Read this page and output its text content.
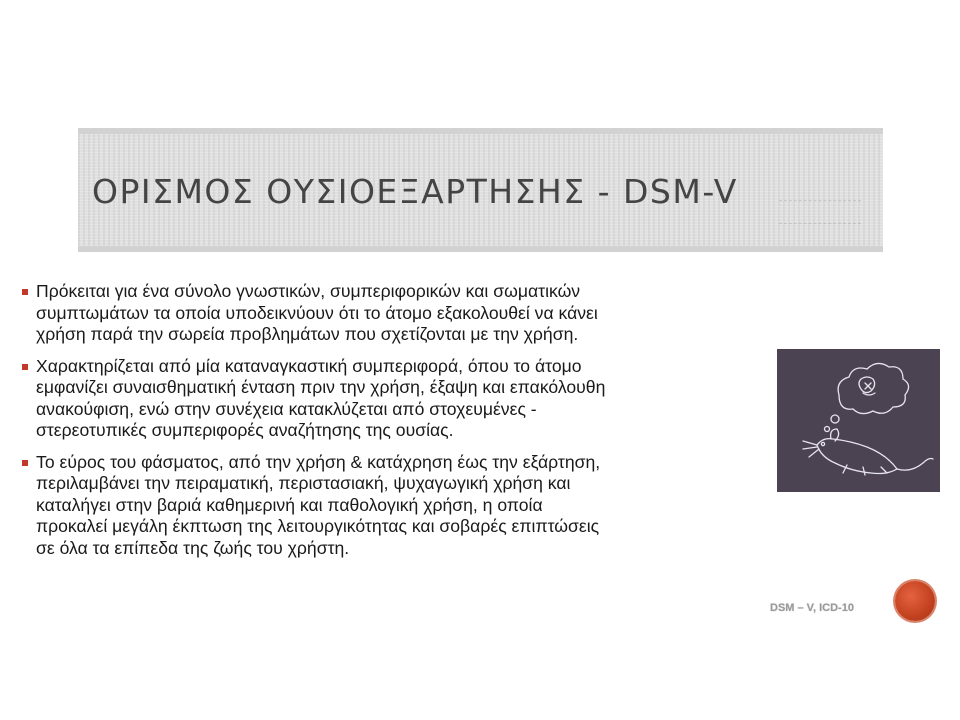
ΟΡΙΣΜΟΣ ΟΥΣΙΟΕΞΑΡΤΗΣΗΣ - DSM-V
Πρόκειται για ένα σύνολο γνωστικών, συμπεριφορικών και σωματικών
συμπτωμάτων τα οποία υποδεικνύουν ότι το άτομο εξακολουθεί να κάνει
χρήση παρά την σωρεία προβλημάτων που σχετίζονται με την χρήση.
Χαρακτηρίζεται από μία καταναγκαστική συμπεριφορά, όπου το άτομο
εμφανίζει συναισθηματική ένταση πριν την χρήση, έξαψη και επακόλουθη
ανακούφιση, ενώ στην συνέχεια κατακλύζεται από στοχευμένες -
στερεοτυπικές συμπεριφορές αναζήτησης της ουσίας.
Το εύρος του φάσματος, από την χρήση & κατάχρηση έως την εξάρτηση,
περιλαμβάνει την πειραματική, περιστασιακή, ψυχαγωγική χρήση και
καταλήγει στην βαριά καθημερινή και παθολογική χρήση, η οποία
προκαλεί μεγάλη έκπτωση της λειτουργικότητας και σοβαρές επιπτώσεις
σε όλα τα επίπεδα της ζωής του χρήστη.
DSM – V, ICD-10
